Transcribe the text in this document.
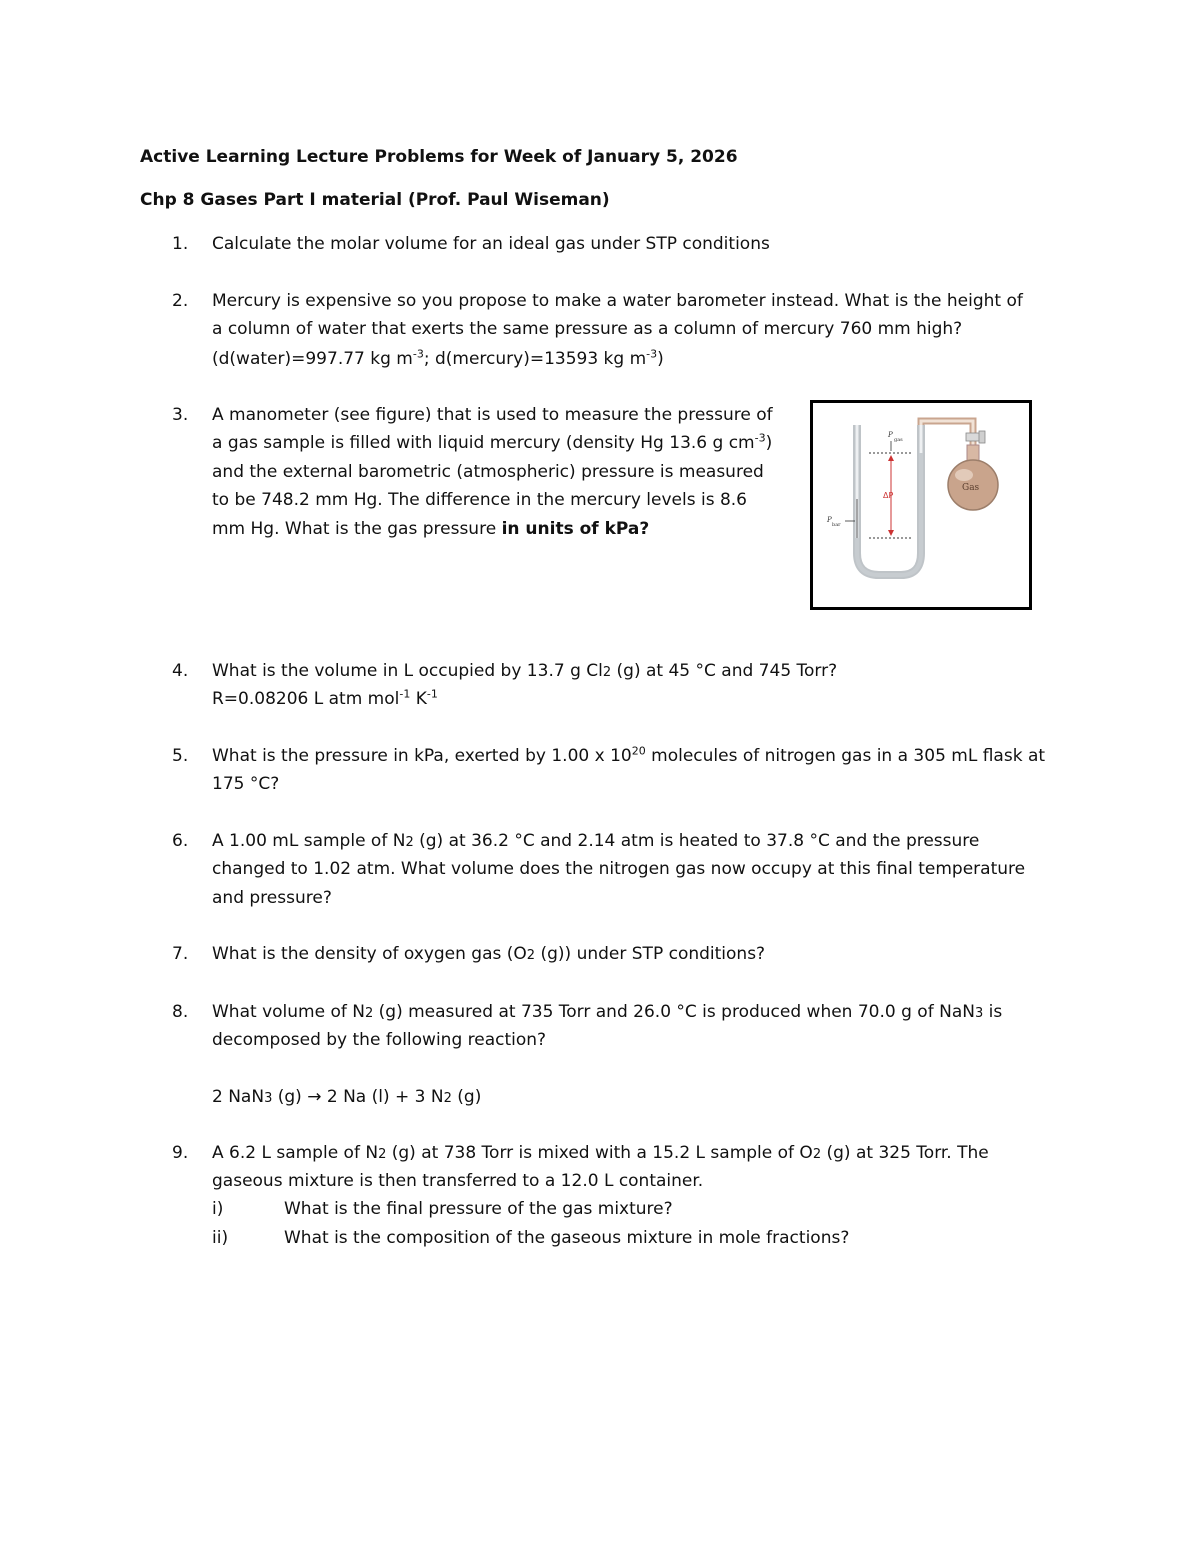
Active Learning Lecture Problems for Week of January 5, 2026
Chp 8 Gases Part I material (Prof. Paul Wiseman)
1.	Calculate the molar volume for an ideal gas under STP conditions
2.	Mercury is expensive so you propose to make a water barometer instead. What is the height of
a column of water that exerts the same pressure as a column of mercury 760 mm high?
(d(water)=997.77 kg $m^{-3}$; d(mercury)=13593 kg $m^{-3}$)
3.	A manometer (see figure) that is used to measure the pressure of
a gas sample is filled with liquid mercury (density Hg 13.6 g $cm^{-3}$)
and the external barometric (atmospheric) pressure is measured
to be 748.2 mm Hg. The difference in the mercury levels is 8.6
mm Hg. What is the gas pressure in units of kPa?
Gas
ΔP
P
gas
P
bar
4.	What is the volume in L occupied by 13.7 g Cl2 (g) at 45 °C and 745 Torr?
R=0.08206 L atm mol$^{-1}$ $K^{-1}$
5.	What is the pressure in kPa, exerted by 1.00 x $10^{20}$ molecules of nitrogen gas in a 305 mL flask at
175 °C?
6.	A 1.00 mL sample of N2 (g) at 36.2 °C and 2.14 atm is heated to 37.8 °C and the pressure
changed to 1.02 atm. What volume does the nitrogen gas now occupy at this final temperature
and pressure?
7.	What is the density of oxygen gas (O2 (g)) under STP conditions?
8.	What volume of N2 (g) measured at 735 Torr and 26.0 °C is produced when 70.0 g of NaN3 is
decomposed by the following reaction?
2 NaN3 (g) → 2 Na (l) + 3 N2 (g)
9.	A 6.2 L sample of N2 (g) at 738 Torr is mixed with a 15.2 L sample of O2 (g) at 325 Torr. The
gaseous mixture is then transferred to a 12.0 L container.
i)	What is the final pressure of the gas mixture?
ii)	What is the composition of the gaseous mixture in mole fractions?
